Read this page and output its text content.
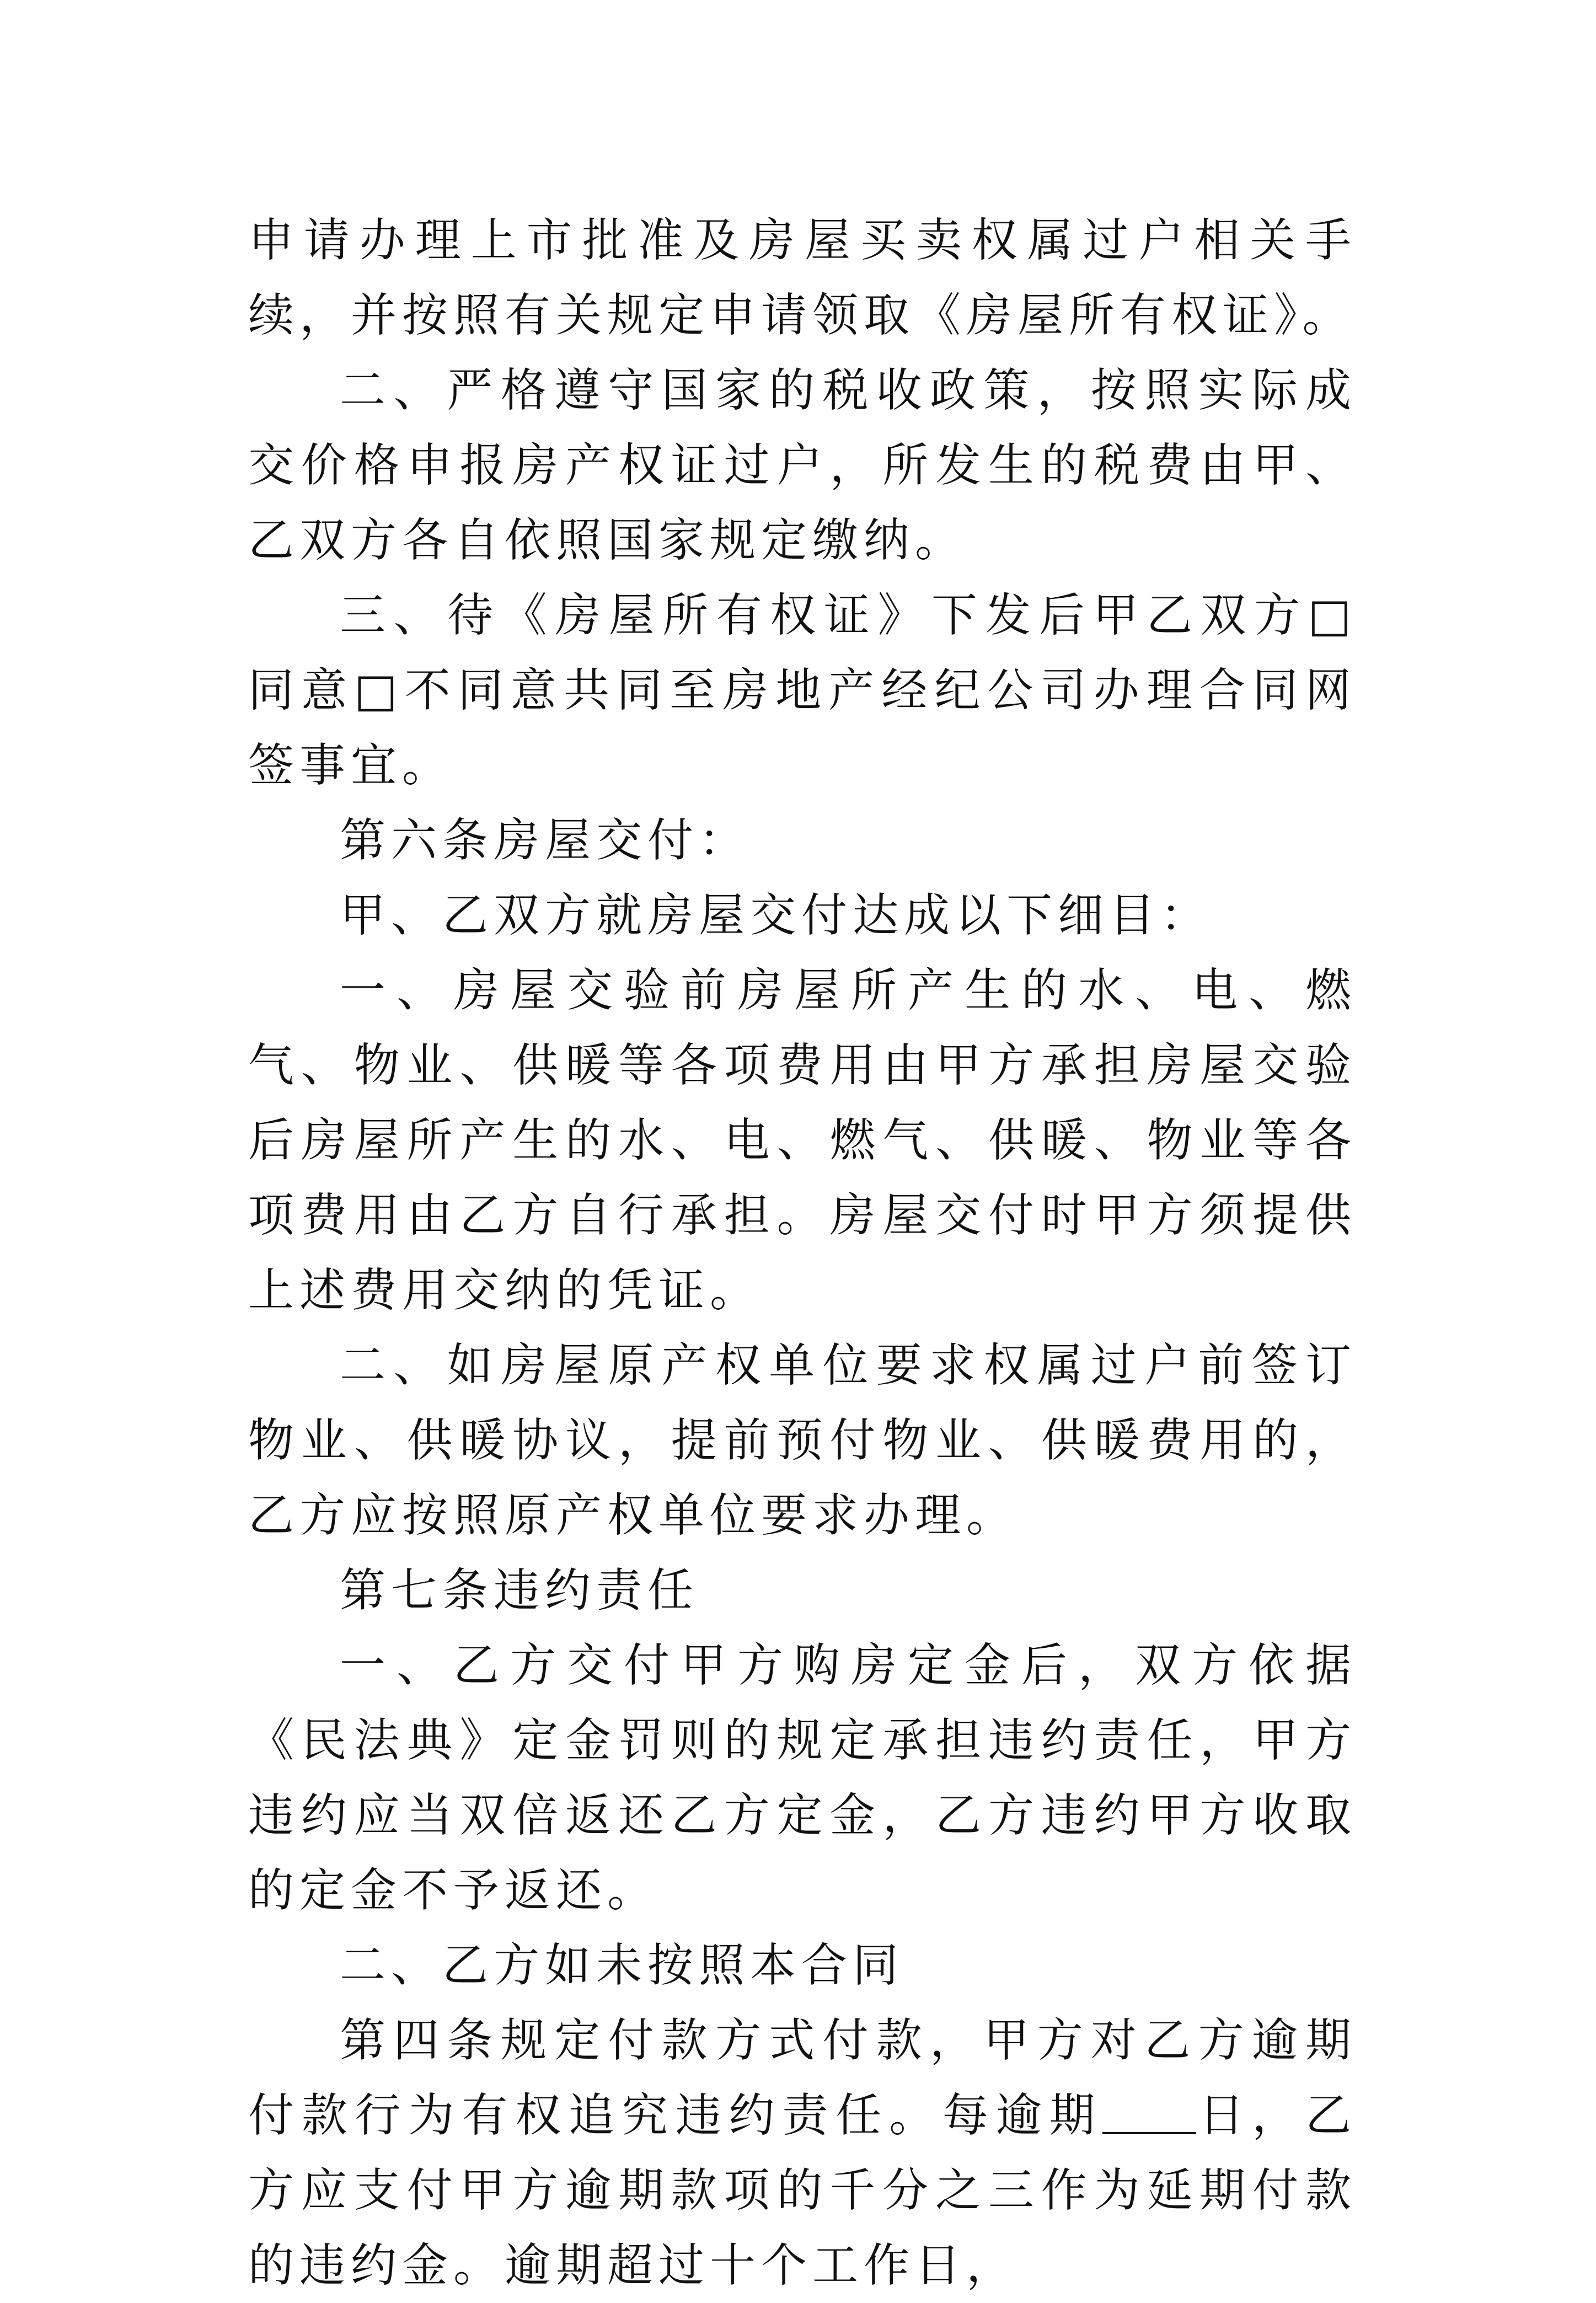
申请办理上市批准及房屋买卖权属过户相关手续，并按照有关规定申请领取《房屋所有权证》。

二、严格遵守国家的税收政策，按照实际成交价格申报房产权证过户，所发生的税费由甲、乙双方各自依照国家规定缴纳。

三、待《房屋所有权证》下发后甲乙双方□同意□不同意共同至房地产经纪公司办理合同网签事宜。

第六条房屋交付：

甲、乙双方就房屋交付达成以下细目：

一、房屋交验前房屋所产生的水、电、燃气、物业、供暖等各项费用由甲方承担房屋交验后房屋所产生的水、电、燃气、供暖、物业等各项费用由乙方自行承担。房屋交付时甲方须提供上述费用交纳的凭证。

二、如房屋原产权单位要求权属过户前签订物业、供暖协议，提前预付物业、供暖费用的，乙方应按照原产权单位要求办理。

第七条违约责任

一、乙方交付甲方购房定金后，双方依据《民法典》定金罚则的规定承担违约责任，甲方违约应当双倍返还乙方定金，乙方违约甲方收取的定金不予返还。

二、乙方如未按照本合同

第四条规定付款方式付款，甲方对乙方逾期付款行为有权追究违约责任。每逾期 日，乙方应支付甲方逾期款项的千分之三作为延期付款的违约金。逾期超过十个工作日，
